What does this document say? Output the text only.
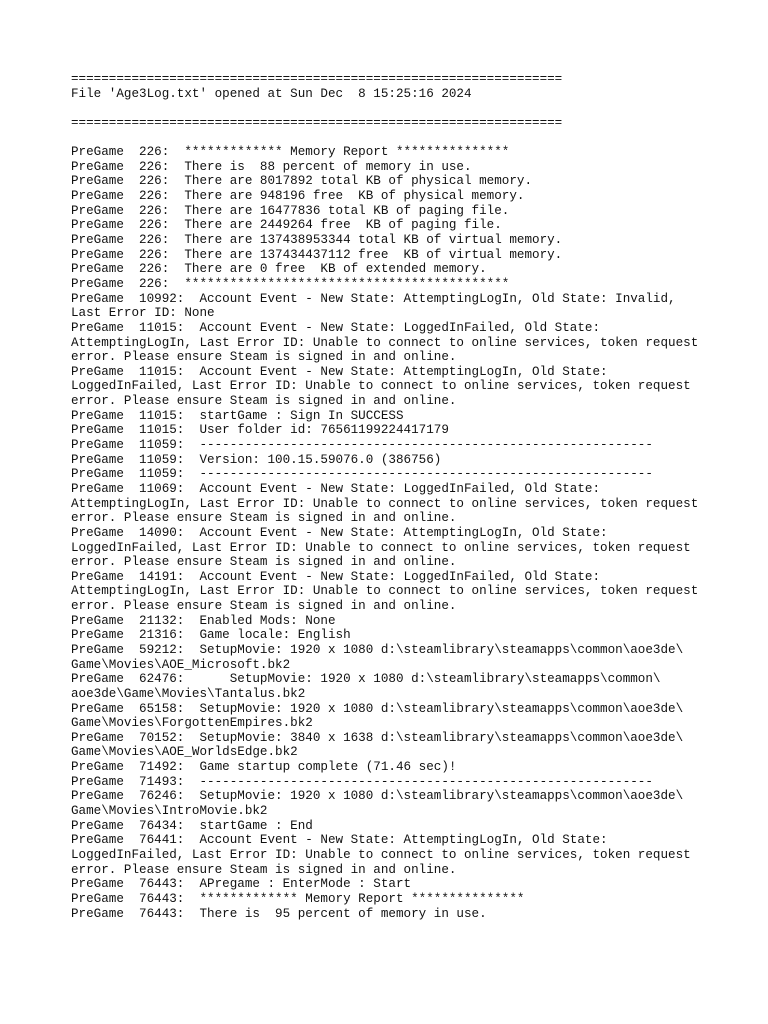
=================================================================
File 'Age3Log.txt' opened at Sun Dec  8 15:25:16 2024
=================================================================
PreGame  226:  ************* Memory Report ***************
PreGame  226:  There is  88 percent of memory in use.
PreGame  226:  There are 8017892 total KB of physical memory.
PreGame  226:  There are 948196 free  KB of physical memory.
PreGame  226:  There are 16477836 total KB of paging file.
PreGame  226:  There are 2449264 free  KB of paging file.
PreGame  226:  There are 137438953344 total KB of virtual memory.
PreGame  226:  There are 137434437112 free  KB of virtual memory.
PreGame  226:  There are 0 free  KB of extended memory.
PreGame  226:  *******************************************
PreGame  10992:  Account Event - New State: AttemptingLogIn, Old State: Invalid,
Last Error ID: None
PreGame  11015:  Account Event - New State: LoggedInFailed, Old State:
AttemptingLogIn, Last Error ID: Unable to connect to online services, token request
error. Please ensure Steam is signed in and online.
PreGame  11015:  Account Event - New State: AttemptingLogIn, Old State:
LoggedInFailed, Last Error ID: Unable to connect to online services, token request
error. Please ensure Steam is signed in and online.
PreGame  11015:  startGame : Sign In SUCCESS
PreGame  11015:  User folder id: 76561199224417179
PreGame  11059:  ------------------------------------------------------------
PreGame  11059:  Version: 100.15.59076.0 (386756)
PreGame  11059:  ------------------------------------------------------------
PreGame  11069:  Account Event - New State: LoggedInFailed, Old State:
AttemptingLogIn, Last Error ID: Unable to connect to online services, token request
error. Please ensure Steam is signed in and online.
PreGame  14090:  Account Event - New State: AttemptingLogIn, Old State:
LoggedInFailed, Last Error ID: Unable to connect to online services, token request
error. Please ensure Steam is signed in and online.
PreGame  14191:  Account Event - New State: LoggedInFailed, Old State:
AttemptingLogIn, Last Error ID: Unable to connect to online services, token request
error. Please ensure Steam is signed in and online.
PreGame  21132:  Enabled Mods: None
PreGame  21316:  Game locale: English
PreGame  59212:  SetupMovie: 1920 x 1080 d:\steamlibrary\steamapps\common\aoe3de\
Game\Movies\AOE_Microsoft.bk2
PreGame  62476:      SetupMovie: 1920 x 1080 d:\steamlibrary\steamapps\common\
aoe3de\Game\Movies\Tantalus.bk2
PreGame  65158:  SetupMovie: 1920 x 1080 d:\steamlibrary\steamapps\common\aoe3de\
Game\Movies\ForgottenEmpires.bk2
PreGame  70152:  SetupMovie: 3840 x 1638 d:\steamlibrary\steamapps\common\aoe3de\
Game\Movies\AOE_WorldsEdge.bk2
PreGame  71492:  Game startup complete (71.46 sec)!
PreGame  71493:  ------------------------------------------------------------
PreGame  76246:  SetupMovie: 1920 x 1080 d:\steamlibrary\steamapps\common\aoe3de\
Game\Movies\IntroMovie.bk2
PreGame  76434:  startGame : End
PreGame  76441:  Account Event - New State: AttemptingLogIn, Old State:
LoggedInFailed, Last Error ID: Unable to connect to online services, token request
error. Please ensure Steam is signed in and online.
PreGame  76443:  APregame : EnterMode : Start
PreGame  76443:  ************* Memory Report ***************
PreGame  76443:  There is  95 percent of memory in use.
